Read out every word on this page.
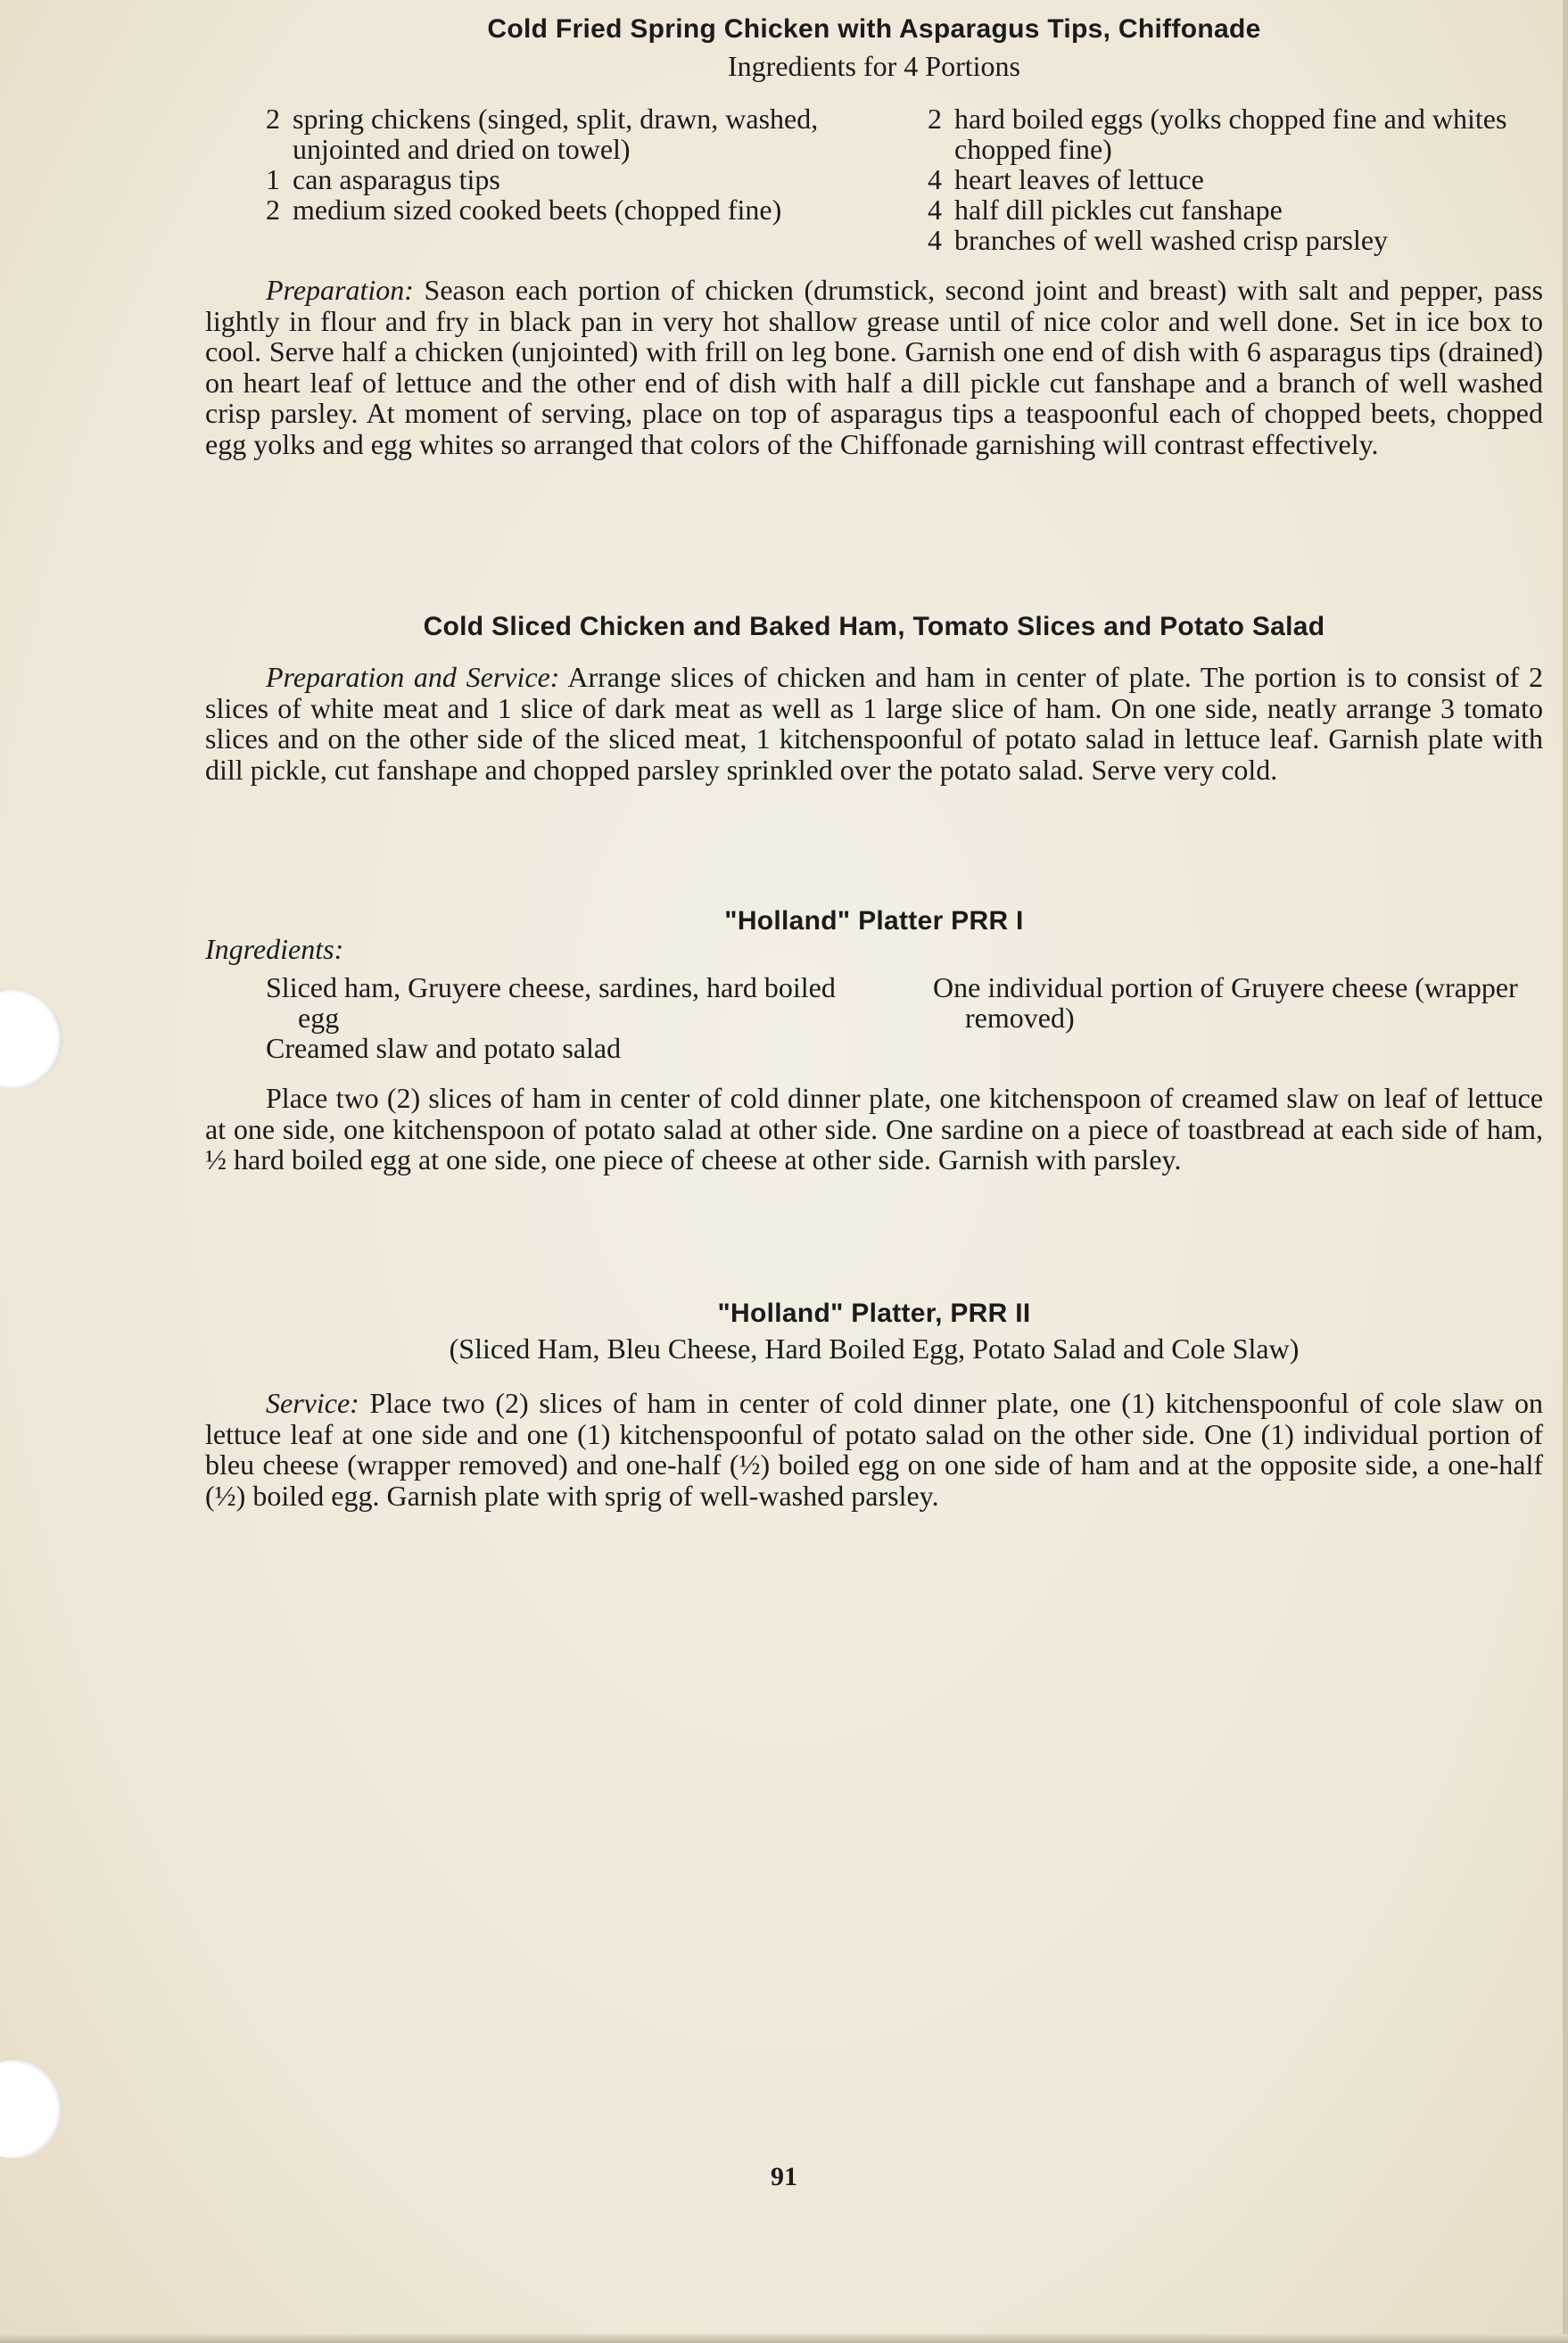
Cold Fried Spring Chicken with Asparagus Tips, Chiffonade
Ingredients for 4 Portions
2 spring chickens (singed, split, drawn, washed, unjointed and dried on towel)
1 can asparagus tips
2 medium sized cooked beets (chopped fine)
2 hard boiled eggs (yolks chopped fine and whites chopped fine)
4 heart leaves of lettuce
4 half dill pickles cut fanshape
4 branches of well washed crisp parsley

Preparation: Season each portion of chicken (drumstick, second joint and breast) with salt and pepper, pass lightly in flour and fry in black pan in very hot shallow grease until of nice color and well done. Set in ice box to cool. Serve half a chicken (unjointed) with frill on leg bone. Garnish one end of dish with 6 asparagus tips (drained) on heart leaf of lettuce and the other end of dish with half a dill pickle cut fanshape and a branch of well washed crisp parsley. At moment of serving, place on top of asparagus tips a teaspoonful each of chopped beets, chopped egg yolks and egg whites so arranged that colors of the Chiffonade garnishing will contrast effectively.

Cold Sliced Chicken and Baked Ham, Tomato Slices and Potato Salad

Preparation and Service: Arrange slices of chicken and ham in center of plate. The portion is to consist of 2 slices of white meat and 1 slice of dark meat as well as 1 large slice of ham. On one side, neatly arrange 3 tomato slices and on the other side of the sliced meat, 1 kitchenspoonful of potato salad in lettuce leaf. Garnish plate with dill pickle, cut fanshape and chopped parsley sprinkled over the potato salad. Serve very cold.

"Holland" Platter PRR I
Ingredients:
Sliced ham, Gruyere cheese, sardines, hard boiled egg
Creamed slaw and potato salad
One individual portion of Gruyere cheese (wrapper removed)

Place two (2) slices of ham in center of cold dinner plate, one kitchenspoon of creamed slaw on leaf of lettuce at one side, one kitchenspoon of potato salad at other side. One sardine on a piece of toastbread at each side of ham, ½ hard boiled egg at one side, one piece of cheese at other side. Garnish with parsley.

"Holland" Platter, PRR II
(Sliced Ham, Bleu Cheese, Hard Boiled Egg, Potato Salad and Cole Slaw)

Service: Place two (2) slices of ham in center of cold dinner plate, one (1) kitchenspoonful of cole slaw on lettuce leaf at one side and one (1) kitchenspoonful of potato salad on the other side. One (1) individual portion of bleu cheese (wrapper removed) and one-half (½) boiled egg on one side of ham and at the opposite side, a one-half (½) boiled egg. Garnish plate with sprig of well-washed parsley.

91
